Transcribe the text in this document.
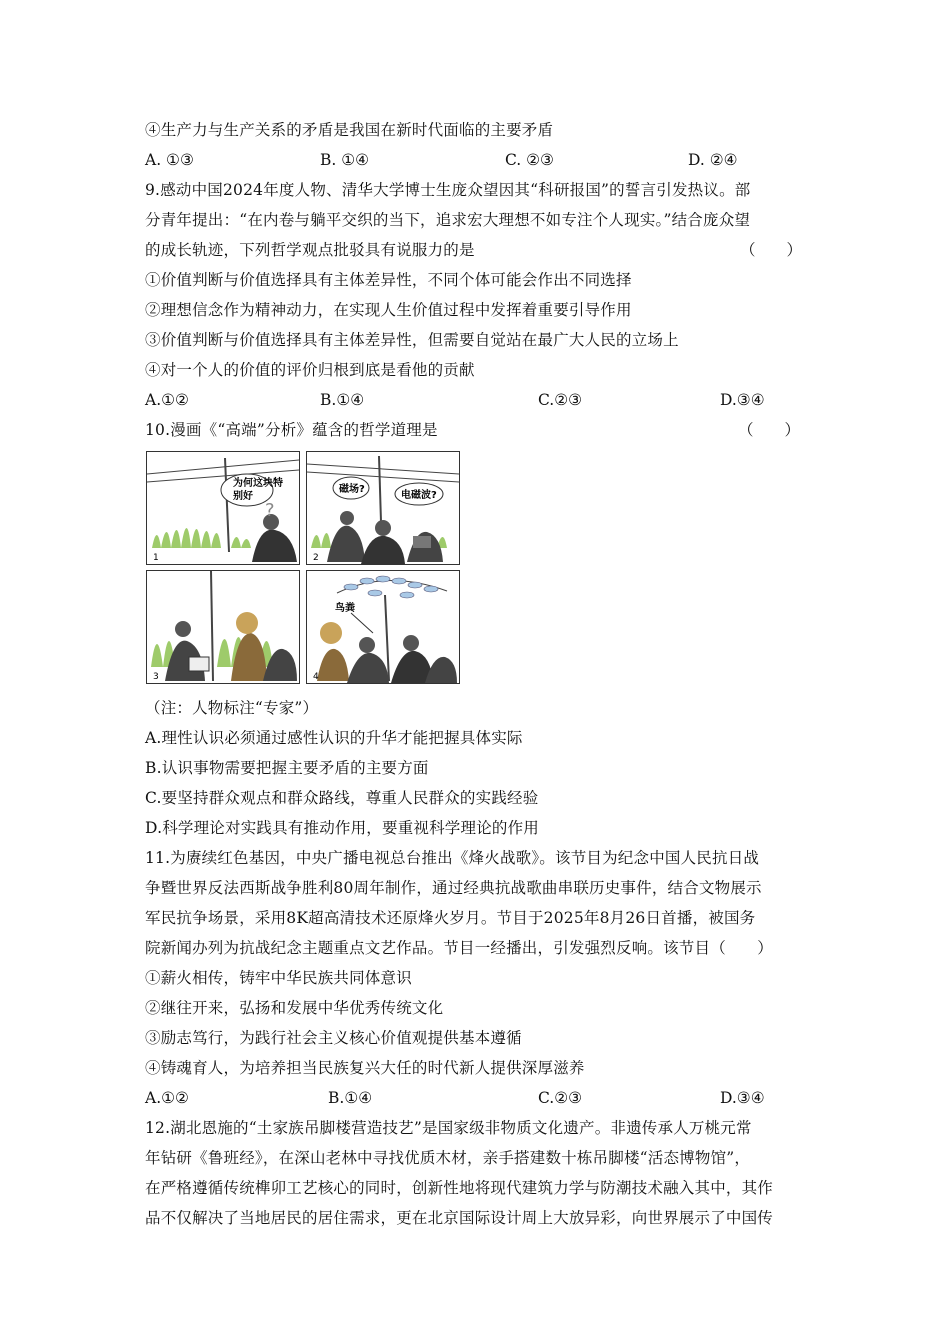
④生产力与生产关系的矛盾是我国在新时代面临的主要矛盾
A. ①③	B. ①④	C. ②③	D. ②④
9.感动中国2024年度人物、清华大学博士生庞众望因其“科研报国”的誓言引发热议。部
分青年提出：“在内卷与躺平交织的当下，追求宏大理想不如专注个人现实。”结合庞众望
的成长轨迹，下列哲学观点批驳具有说服力的是	（　　）
①价值判断与价值选择具有主体差异性，不同个体可能会作出不同选择
②理想信念作为精神动力，在实现人生价值过程中发挥着重要引导作用
③价值判断与价值选择具有主体差异性，但需要自觉站在最广大人民的立场上
④对一个人的价值的评价归根到底是看他的贡献
A.①②	B.①④	C.②③	D.③④
10.漫画《“高端”分析》蕴含的哲学道理是	（　　）
为何这块特
别好
?
1
磁场?
电磁波?
2
3
鸟粪
4
（注：人物标注“专家”）
A.理性认识必须通过感性认识的升华才能把握具体实际
B.认识事物需要把握主要矛盾的主要方面
C.要坚持群众观点和群众路线，尊重人民群众的实践经验
D.科学理论对实践具有推动作用，要重视科学理论的作用
11.为赓续红色基因，中央广播电视总台推出《烽火战歌》。该节目为纪念中国人民抗日战
争暨世界反法西斯战争胜利80周年制作，通过经典抗战歌曲串联历史事件，结合文物展示
军民抗争场景，采用8K超高清技术还原烽火岁月。节目于2025年8月26日首播，被国务
院新闻办列为抗战纪念主题重点文艺作品。节目一经播出，引发强烈反响。该节目（　　）
①薪火相传，铸牢中华民族共同体意识
②继往开来，弘扬和发展中华优秀传统文化
③励志笃行，为践行社会主义核心价值观提供基本遵循
④铸魂育人，为培养担当民族复兴大任的时代新人提供深厚滋养
A.①②	B.①④	C.②③	D.③④
12.湖北恩施的“土家族吊脚楼营造技艺”是国家级非物质文化遗产。非遗传承人万桃元常
年钻研《鲁班经》，在深山老林中寻找优质木材，亲手搭建数十栋吊脚楼“活态博物馆”，
在严格遵循传统榫卯工艺核心的同时，创新性地将现代建筑力学与防潮技术融入其中，其作
品不仅解决了当地居民的居住需求，更在北京国际设计周上大放异彩，向世界展示了中国传
